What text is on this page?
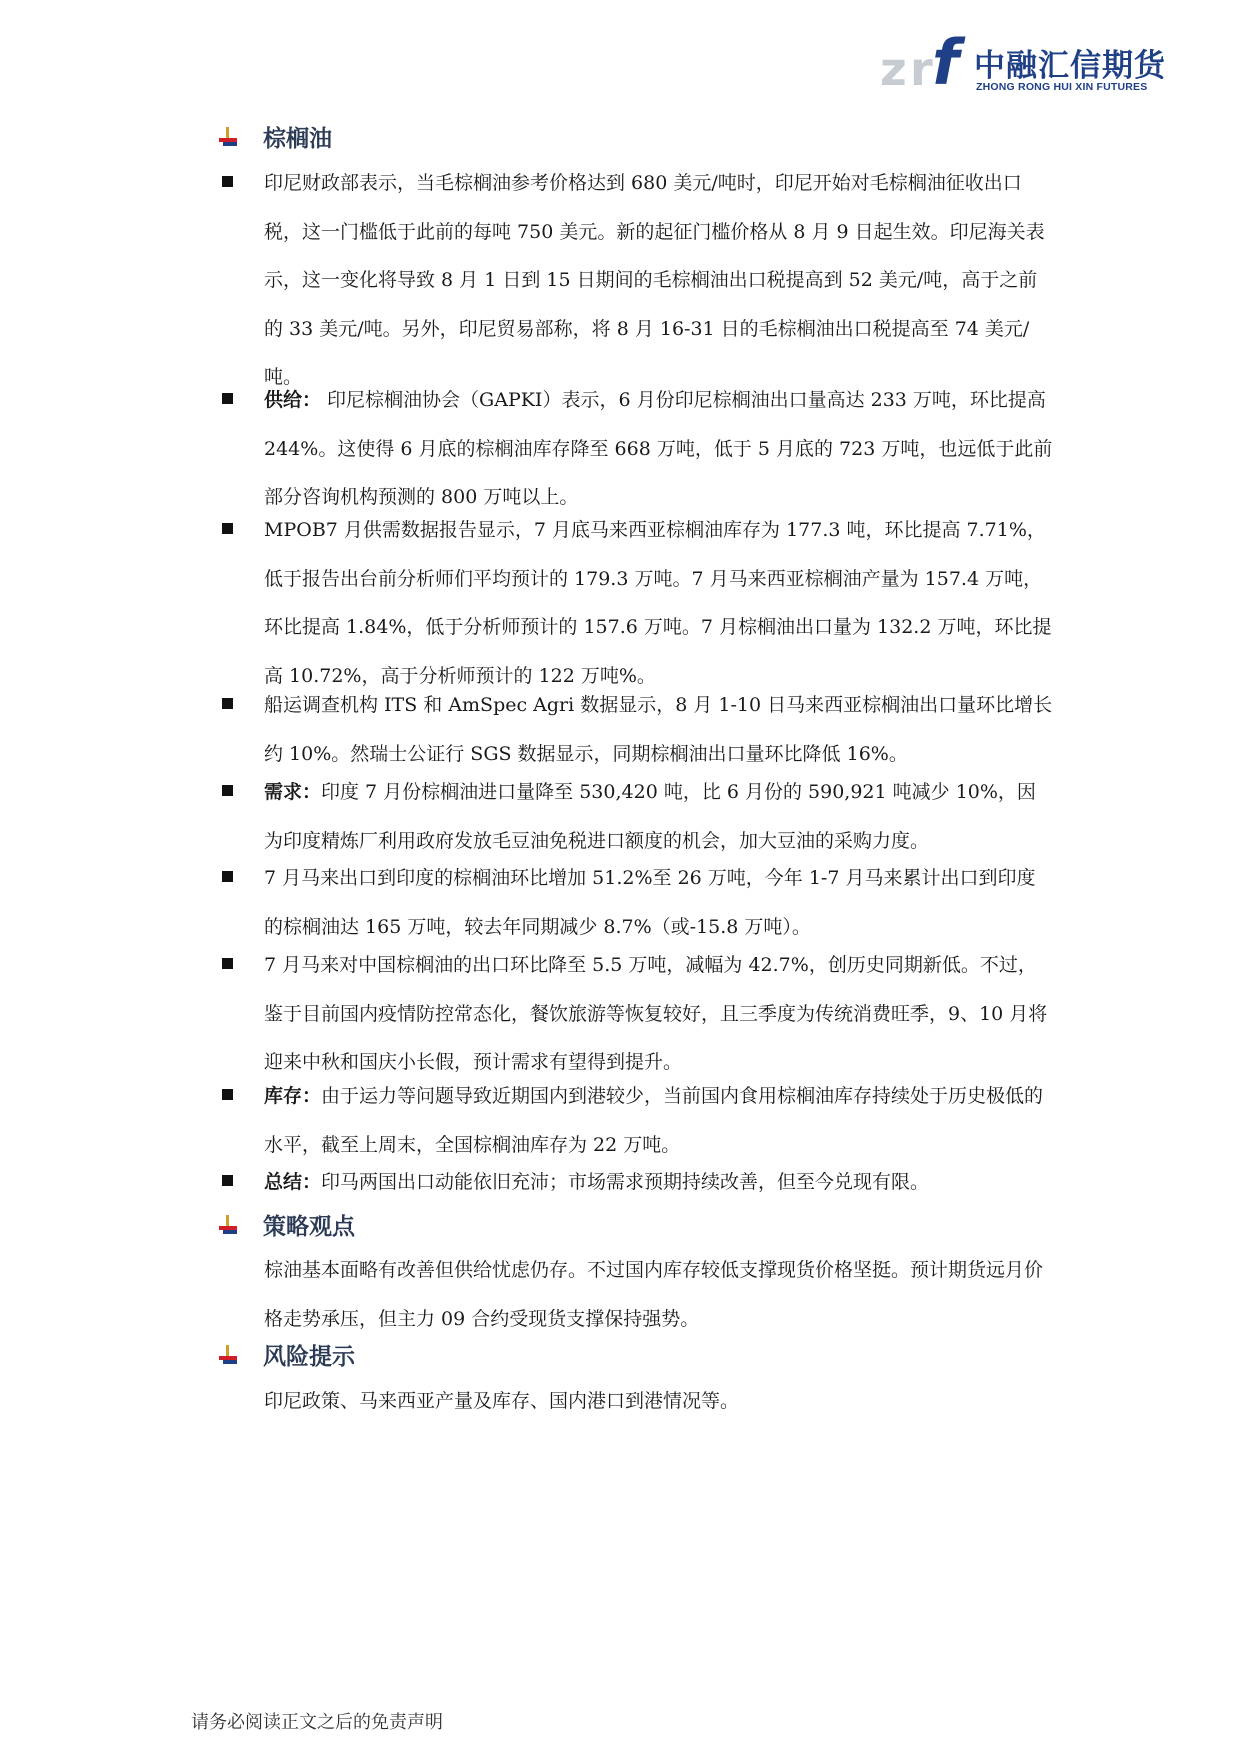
z r f 中融汇信期货
ZHONG RONG HUI XIN FUTURES
棕榈油
印尼财政部表示，当毛棕榈油参考价格达到 680 美元/吨时，印尼开始对毛棕榈油征收出口税，这一门槛低于此前的每吨 750 美元。新的起征门槛价格从 8 月 9 日起生效。印尼海关表示，这一变化将导致 8 月 1 日到 15 日期间的毛棕榈油出口税提高到 52 美元/吨，高于之前的 33 美元/吨。另外，印尼贸易部称，将 8 月 16-31 日的毛棕榈油出口税提高至 74 美元/吨。
供给： 印尼棕榈油协会（GAPKI）表示，6 月份印尼棕榈油出口量高达 233 万吨，环比提高 244%。这使得 6 月底的棕榈油库存降至 668 万吨，低于 5 月底的 723 万吨，也远低于此前部分咨询机构预测的 800 万吨以上。
MPOB7 月供需数据报告显示，7 月底马来西亚棕榈油库存为 177.3 吨，环比提高 7.71%，低于报告出台前分析师们平均预计的 179.3 万吨。7 月马来西亚棕榈油产量为 157.4 万吨，环比提高 1.84%，低于分析师预计的 157.6 万吨。7 月棕榈油出口量为 132.2 万吨，环比提高 10.72%，高于分析师预计的 122 万吨%。
船运调查机构 ITS 和 AmSpec Agri 数据显示，8 月 1-10 日马来西亚棕榈油出口量环比增长约 10%。然瑞士公证行 SGS 数据显示，同期棕榈油出口量环比降低 16%。
需求：印度 7 月份棕榈油进口量降至 530,420 吨，比 6 月份的 590,921 吨减少 10%，因为印度精炼厂利用政府发放毛豆油免税进口额度的机会，加大豆油的采购力度。
7 月马来出口到印度的棕榈油环比增加 51.2%至 26 万吨，今年 1-7 月马来累计出口到印度的棕榈油达 165 万吨，较去年同期减少 8.7%（或-15.8 万吨）。
7 月马来对中国棕榈油的出口环比降至 5.5 万吨，减幅为 42.7%，创历史同期新低。不过，鉴于目前国内疫情防控常态化，餐饮旅游等恢复较好，且三季度为传统消费旺季，9、10 月将迎来中秋和国庆小长假，预计需求有望得到提升。
库存：由于运力等问题导致近期国内到港较少，当前国内食用棕榈油库存持续处于历史极低的水平，截至上周末，全国棕榈油库存为 22 万吨。
总结：印马两国出口动能依旧充沛；市场需求预期持续改善，但至今兑现有限。
策略观点
棕油基本面略有改善但供给忧虑仍存。不过国内库存较低支撑现货价格坚挺。预计期货远月价格走势承压，但主力 09 合约受现货支撑保持强势。
风险提示
印尼政策、马来西亚产量及库存、国内港口到港情况等。
请务必阅读正文之后的免责声明
